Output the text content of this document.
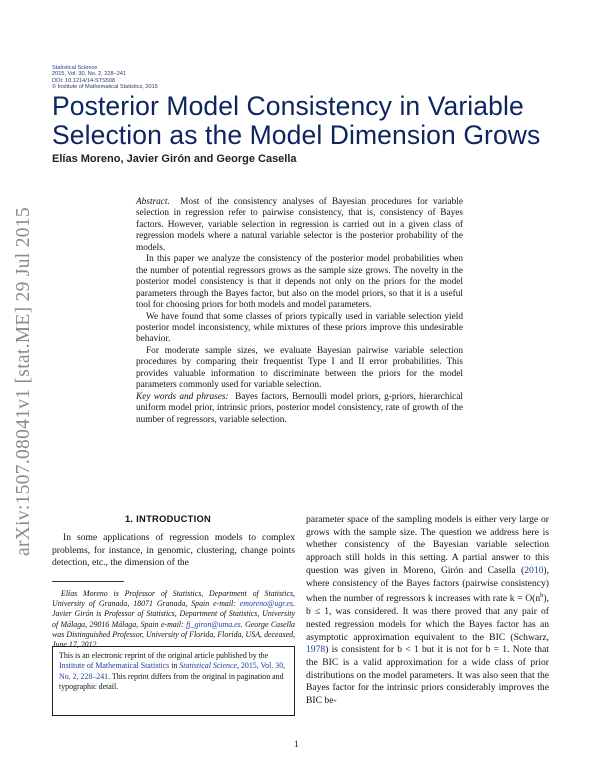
Statistical Science
2015, Vol. 30, No. 2, 228–241
DOI: 10.1214/14-STS508
© Institute of Mathematical Statistics, 2015
Posterior Model Consistency in Variable
Selection as the Model Dimension Grows
Elías Moreno, Javier Girón and George Casella
arXiv:1507.08041v1 [stat.ME] 29 Jul 2015

Abstract. Most of the consistency analyses of Bayesian procedures for variable selection in regression refer to pairwise consistency, that is, consistency of Bayes factors. However, variable selection in regression is carried out in a given class of regression models where a natural variable selector is the posterior probability of the models.

In this paper we analyze the consistency of the posterior model probabilities when the number of potential regressors grows as the sample size grows. The novelty in the posterior model consistency is that it depends not only on the priors for the model parameters through the Bayes factor, but also on the model priors, so that it is a useful tool for choosing priors for both models and model parameters.

We have found that some classes of priors typically used in variable selection yield posterior model inconsistency, while mixtures of these priors improve this undesirable behavior.

For moderate sample sizes, we evaluate Bayesian pairwise variable selection procedures by comparing their frequentist Type I and II error probabilities. This provides valuable information to discriminate between the priors for the model parameters commonly used for variable selection.

Key words and phrases: Bayes factors, Bernoulli model priors, g-priors, hierarchical uniform model prior, intrinsic priors, posterior model consistency, rate of growth of the number of regressors, variable selection.

1. INTRODUCTION

In some applications of regression models to complex problems, for instance, in genomic, clustering, change points detection, etc., the dimension of the

Elías Moreno is Professor of Statistics, Department of Statistics, University of Granada, 18071 Granada, Spain e-mail: emoreno@ugr.es. Javier Girón is Professor of Statistics, Department of Statistics, University of Málaga, 29016 Málaga, Spain e-mail: fj_giron@uma.es. George Casella was Distinguished Professor, University of Florida, Florida, USA, deceased, June 17, 2012.

This is an electronic reprint of the original article published by the Institute of Mathematical Statistics in Statistical Science, 2015, Vol. 30, No. 2, 228–241. This reprint differs from the original in pagination and typographic detail.

parameter space of the sampling models is either very large or grows with the sample size. The question we address here is whether consistency of the Bayesian variable selection approach still holds in this setting. A partial answer to this question was given in Moreno, Girón and Casella (2010), where consistency of the Bayes factors (pairwise consistency) when the number of regressors k increases with rate $k = O(n^b)$, b ≤ 1, was considered. It was there proved that any pair of nested regression models for which the Bayes factor has an asymptotic approximation equivalent to the BIC (Schwarz, 1978) is consistent for b < 1 but it is not for b = 1. Note that the BIC is a valid approximation for a wide class of prior distributions on the model parameters. It was also seen that the Bayes factor for the intrinsic priors considerably improves the BIC be-

1
